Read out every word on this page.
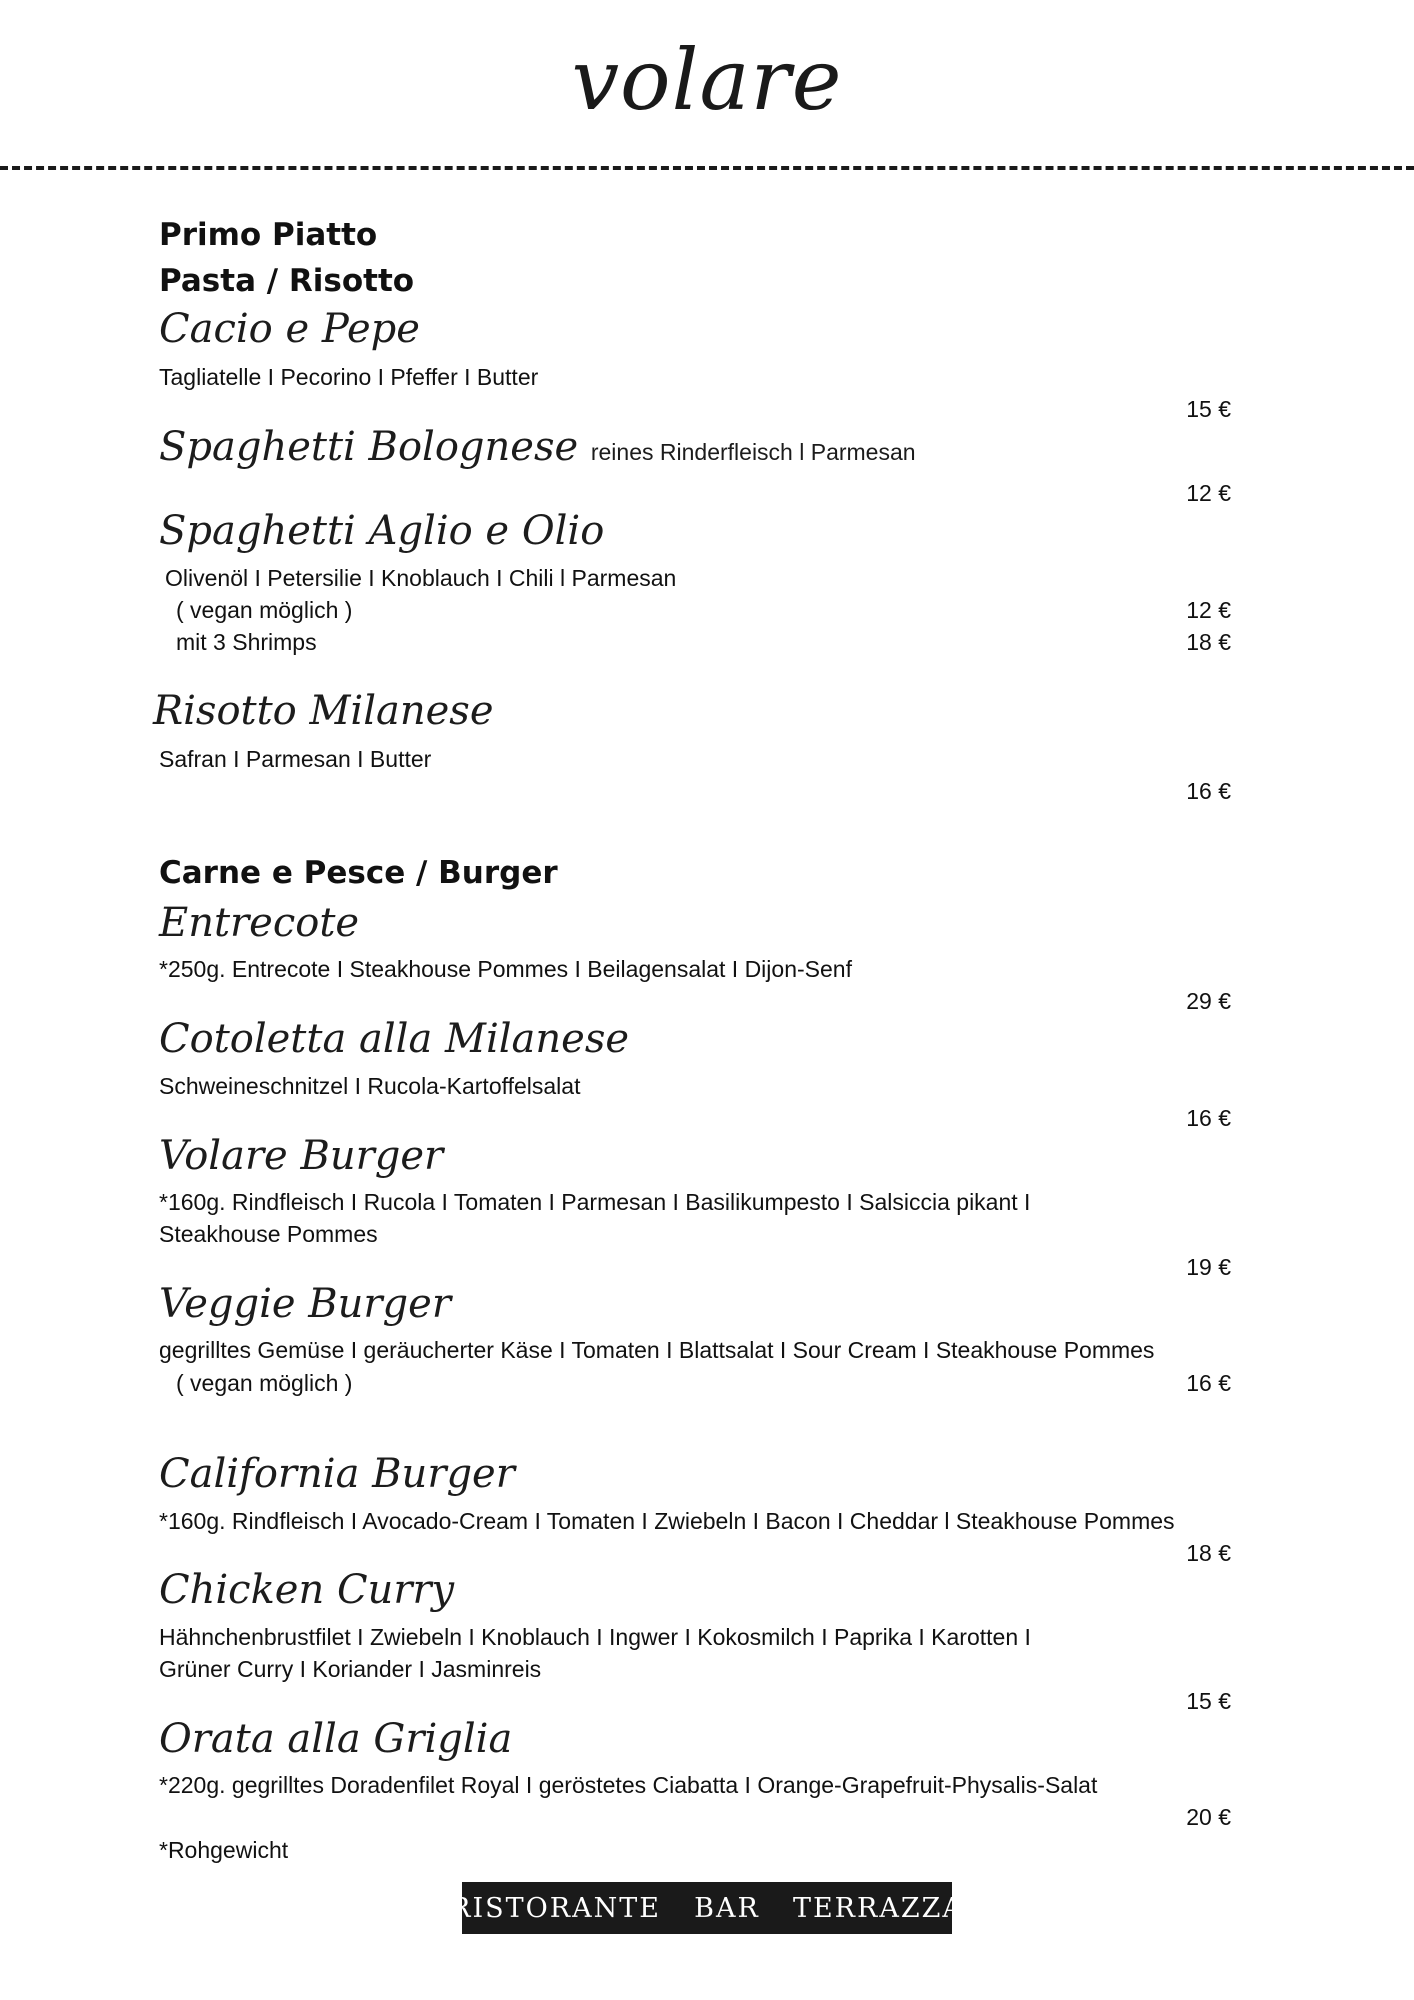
volare
Primo Piatto
Pasta / Risotto
Cacio e Pepe
Tagliatelle I Pecorino I Pfeffer I Butter
15 €
Spaghetti Bolognese reines Rinderfleisch l Parmesan
12 €
Spaghetti Aglio e Olio
Olivenöl I Petersilie I Knoblauch I Chili l Parmesan
( vegan möglich )	12 €
mit 3 Shrimps	18 €
Risotto Milanese
Safran I Parmesan I Butter
16 €
Carne e Pesce / Burger
Entrecote
*250g. Entrecote I Steakhouse Pommes I Beilagensalat I Dijon-Senf
29 €
Cotoletta alla Milanese
Schweineschnitzel I Rucola-Kartoffelsalat
16 €
Volare Burger
*160g. Rindfleisch I Rucola I Tomaten I Parmesan I Basilikumpesto I Salsiccia pikant I
Steakhouse Pommes
19 €
Veggie Burger
gegrilltes Gemüse I geräucherter Käse I Tomaten I Blattsalat I Sour Cream I Steakhouse Pommes
( vegan möglich )	16 €
California Burger
*160g. Rindfleisch I Avocado-Cream I Tomaten I Zwiebeln I Bacon I Cheddar l Steakhouse Pommes
18 €
Chicken Curry
Hähnchenbrustfilet I Zwiebeln I Knoblauch I Ingwer I Kokosmilch I Paprika I Karotten I
Grüner Curry I Koriander I Jasminreis
15 €
Orata alla Griglia
*220g. gegrilltes Doradenfilet Royal I geröstetes Ciabatta I Orange-Grapefruit-Physalis-Salat
20 €
*Rohgewicht
RISTORANTE  BAR  TERRAZZA
